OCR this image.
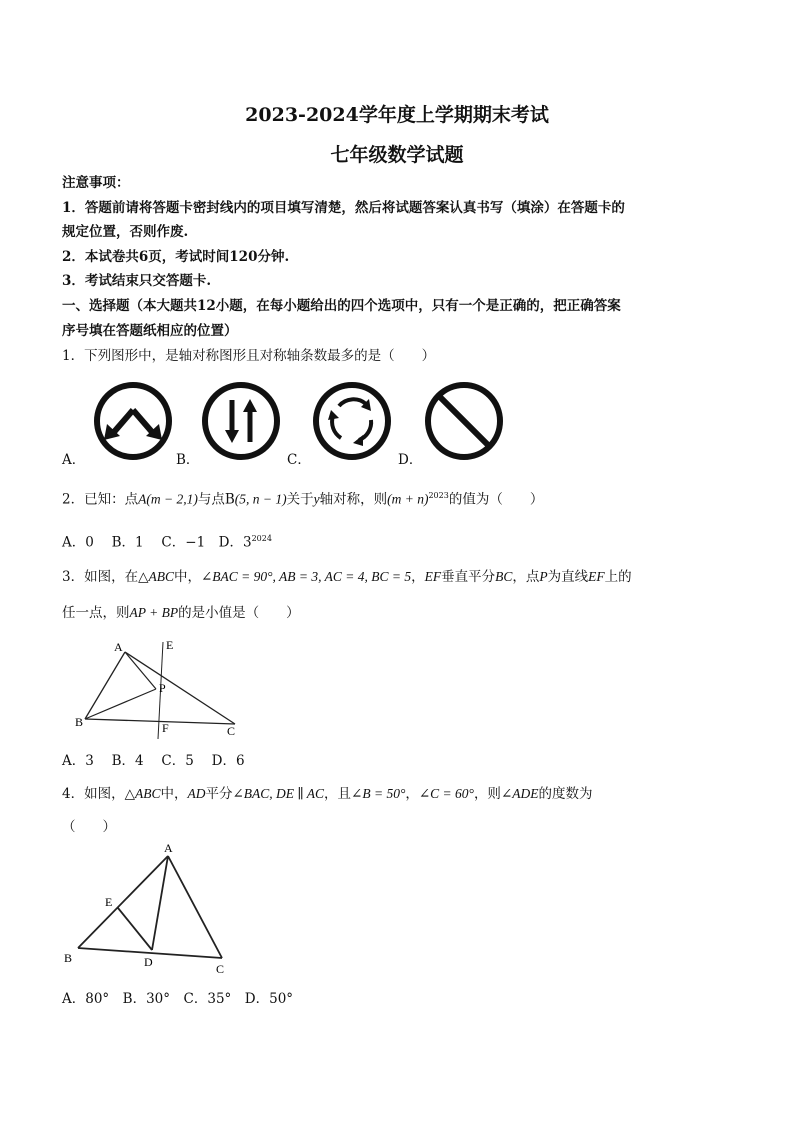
2023-2024学年度上学期期末考试
七年级数学试题
注意事项：
1．答题前请将答题卡密封线内的项目填写清楚，然后将试题答案认真书写（填涂）在答题卡的
规定位置，否则作废.
2．本试卷共6页，考试时间120分钟.
3．考试结束只交答题卡.
一、选择题（本大题共12小题，在每小题给出的四个选项中，只有一个是正确的，把正确答案
序号填在答题纸相应的位置）
1．下列图形中，是轴对称图形且对称轴条数最多的是（　　）
A．	B．	C．	D．
2．已知：点A(m − 2,1)与点B(5, n − 1)关于y轴对称，则$(m + n)^{2023}$的值为（　　）
A．0　 B．1　 C．−1　D．$3^{2024}$
3．如图，在△ABC中，∠BAC = 90°, AB = 3, AC = 4, BC = 5，EF垂直平分BC，点P为直线EF上的
任一点，则AP + BP的是小值是（　　）
A	E
P
B	F	C
A．3　 B．4　 C．5　 D．6
4．如图，△ABC中，AD平分∠BAC, DE ∥ AC，且∠B = 50°，∠C = 60°，则∠ADE的度数为
（　　）
A
E
B	D	C
A．80°　B．30°　C．35°　D．50°
